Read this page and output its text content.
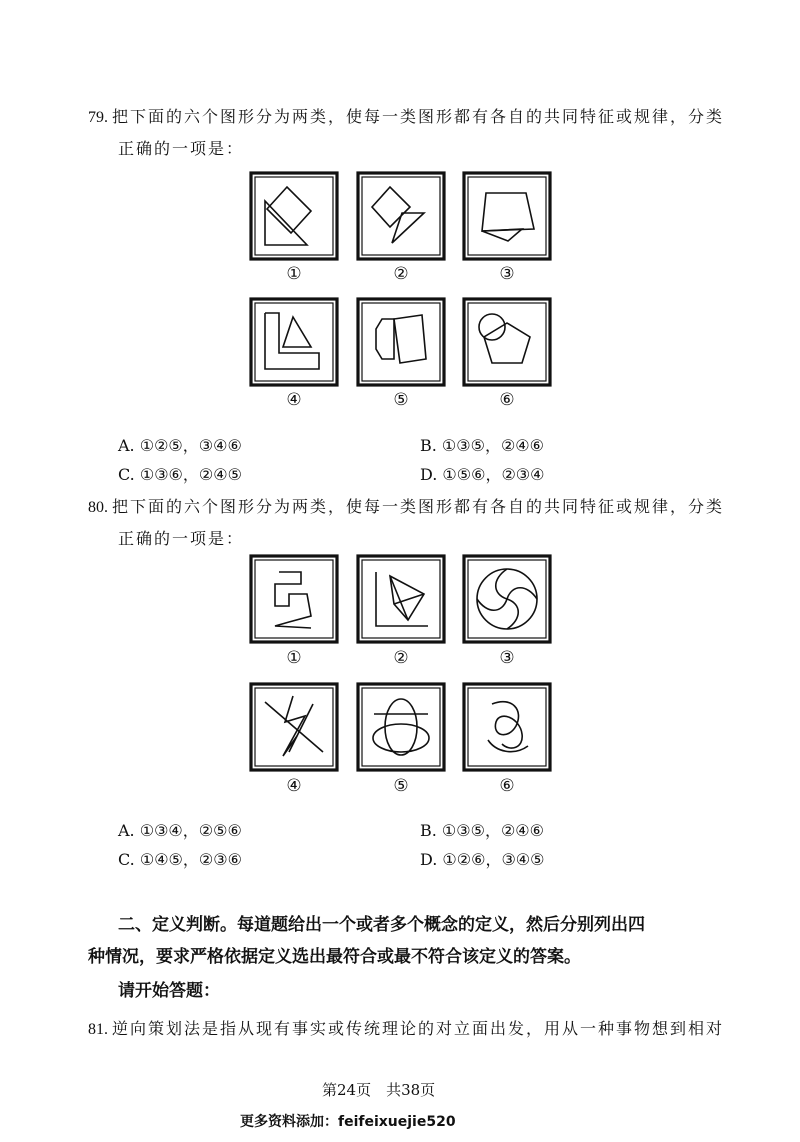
79. 把下面的六个图形分为两类，使每一类图形都有各自的共同特征或规律，分类
正确的一项是：
①	②	③
④	⑤	⑥
A. ①②⑤，③④⑥	B. ①③⑤，②④⑥
C. ①③⑥，②④⑤	D. ①⑤⑥，②③④
80. 把下面的六个图形分为两类，使每一类图形都有各自的共同特征或规律，分类
正确的一项是：
①	②	③
④	⑤	⑥
A. ①③④，②⑤⑥	B. ①③⑤，②④⑥
C. ①④⑤，②③⑥	D. ①②⑥，③④⑤
二、定义判断。每道题给出一个或者多个概念的定义，然后分别列出四
种情况，要求严格依据定义选出最符合或最不符合该定义的答案。
请开始答题：
81. 逆向策划法是指从现有事实或传统理论的对立面出发，用从一种事物想到相对
第24页　共38页
更多资料添加：feifeixuejie520
